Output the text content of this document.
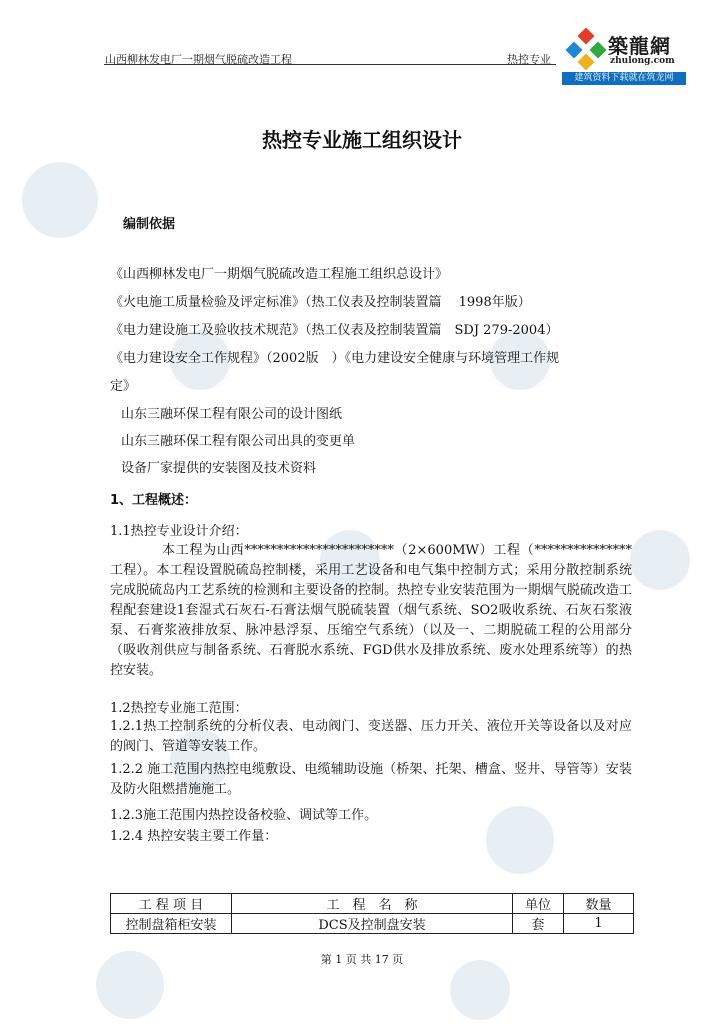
山西柳林发电厂一期烟气脱硫改造工程	热控专业
築龍網
zhulong.com
建筑资料下载就在筑龙网
热控专业施工组织设计
编制依据
《山西柳林发电厂一期烟气脱硫改造工程施工组织总设计》
《火电施工质量检验及评定标准》（热工仪表及控制装置篇　 1998年版）
《电力建设施工及验收技术规范》（热工仪表及控制装置篇　SDJ 279-2004）
《电力建设安全工作规程》（2002版　）《电力建设安全健康与环境管理工作规
定》
山东三融环保工程有限公司的设计图纸
山东三融环保工程有限公司出具的变更单
设备厂家提供的安装图及技术资料
1、工程概述：
1.1热控专业设计介绍：
本工程为山西***********************（2×600MW）工程（***************工程）。本工程设置脱硫岛控制楼，采用工艺设备和电气集中控制方式；采用分散控制系统完成脱硫岛内工艺系统的检测和主要设备的控制。热控专业安装范围为一期烟气脱硫改造工程配套建设1套湿式石灰石-石膏法烟气脱硫装置（烟气系统、SO2吸收系统、石灰石浆液泵、石膏浆液排放泵、脉冲悬浮泵、压缩空气系统）（以及一、二期脱硫工程的公用部分（吸收剂供应与制备系统、石膏脱水系统、FGD供水及排放系统、废水处理系统等）的热控安装。
1.2热控专业施工范围：
1.2.1热工控制系统的分析仪表、电动阀门、变送器、压力开关、液位开关等设备以及对应的阀门、管道等安装工作。
1.2.2 施工范围内热控电缆敷设、电缆辅助设施（桥架、托架、槽盒、竖井、导管等）安装及防火阻燃措施施工。
1.2.3施工范围内热控设备校验、调试等工作。
1.2.4 热控安装主要工作量：
工 程 项 目	工　程　名　称	单位	数量
控制盘箱柜安装	DCS及控制盘安装	套	1
第 1 页 共 17 页
